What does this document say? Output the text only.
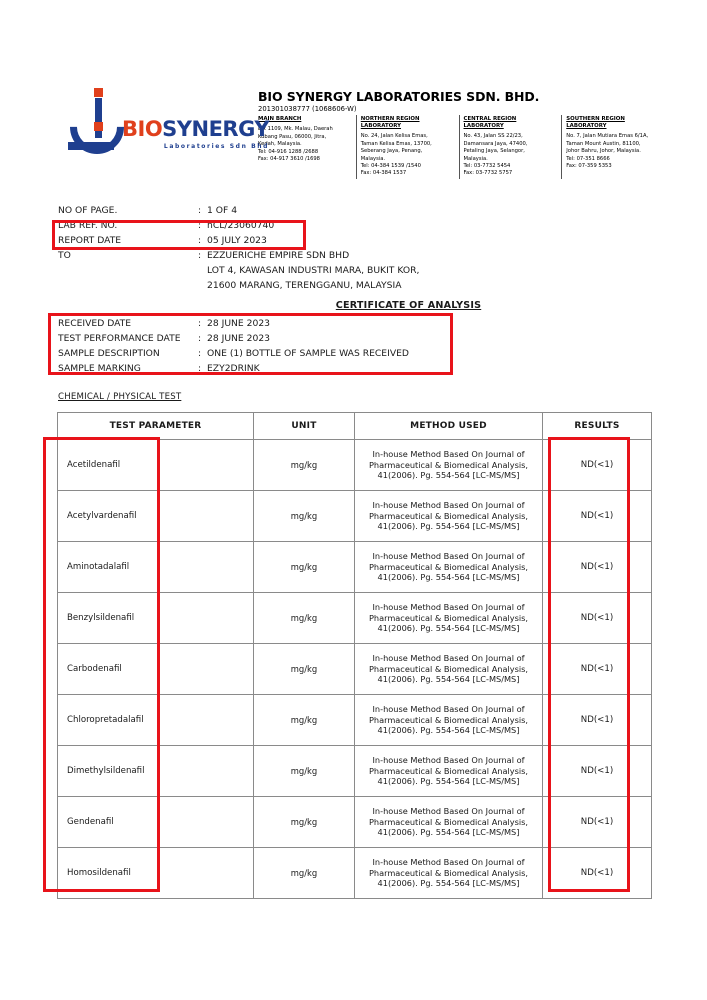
BIOSYNERGY
Laboratories Sdn Bhd
BIO SYNERGY LABORATORIES SDN. BHD.
201301038777 (1068606-W)
MAIN BRANCH
Lot 1109, Mk. Malau, Daerah
Kubang Pasu, 06000, Jitra,
Kedah, Malaysia.
Tel: 04-916 1288 /2688
Fax: 04-917 3610 /1698
NORTHERN REGION LABORATORY
No. 24, Jalan Kelisa Emas,
Taman Kelisa Emas, 13700,
Seberang Jaya, Penang,
Malaysia.
Tel: 04-384 1539 /1540
Fax: 04-384 1537
CENTRAL REGION LABORATORY
No. 43, Jalan SS 22/23,
Damansara Jaya, 47400,
Petaling Jaya, Selangor,
Malaysia.
Tel: 03-7732 5454
Fax: 03-7732 5757
SOUTHERN REGION LABORATORY
No. 7, Jalan Mutiara Emas 6/1A,
Taman Mount Austin, 81100,
Johor Bahru, Johor, Malaysia.
Tel: 07-351 8666
Fax: 07-359 5353
NO OF PAGE.	: 1 OF 4
LAB REF. NO.	: nCL/23060740
REPORT DATE	: 05 JULY 2023
TO	: EZZUERICHE EMPIRE SDN BHD
LOT 4, KAWASAN INDUSTRI MARA, BUKIT KOR,
21600 MARANG, TERENGGANU, MALAYSIA
CERTIFICATE OF ANALYSIS
RECEIVED DATE	: 28 JUNE 2023
TEST PERFORMANCE DATE	: 28 JUNE 2023
SAMPLE DESCRIPTION	: ONE (1) BOTTLE OF SAMPLE WAS RECEIVED
SAMPLE MARKING	: EZY2DRINK
CHEMICAL / PHYSICAL TEST
TEST PARAMETER	UNIT	METHOD USED	RESULTS
Acetildenafil	mg/kg	In-house Method Based On Journal of Pharmaceutical & Biomedical Analysis, 41(2006). Pg. 554-564 [LC-MS/MS]	ND(<1)
Acetylvardenafil	mg/kg	In-house Method Based On Journal of Pharmaceutical & Biomedical Analysis, 41(2006). Pg. 554-564 [LC-MS/MS]	ND(<1)
Aminotadalafil	mg/kg	In-house Method Based On Journal of Pharmaceutical & Biomedical Analysis, 41(2006). Pg. 554-564 [LC-MS/MS]	ND(<1)
Benzylsildenafil	mg/kg	In-house Method Based On Journal of Pharmaceutical & Biomedical Analysis, 41(2006). Pg. 554-564 [LC-MS/MS]	ND(<1)
Carbodenafil	mg/kg	In-house Method Based On Journal of Pharmaceutical & Biomedical Analysis, 41(2006). Pg. 554-564 [LC-MS/MS]	ND(<1)
Chloropretadalafil	mg/kg	In-house Method Based On Journal of Pharmaceutical & Biomedical Analysis, 41(2006). Pg. 554-564 [LC-MS/MS]	ND(<1)
Dimethylsildenafil	mg/kg	In-house Method Based On Journal of Pharmaceutical & Biomedical Analysis, 41(2006). Pg. 554-564 [LC-MS/MS]	ND(<1)
Gendenafil	mg/kg	In-house Method Based On Journal of Pharmaceutical & Biomedical Analysis, 41(2006). Pg. 554-564 [LC-MS/MS]	ND(<1)
Homosildenafil	mg/kg	In-house Method Based On Journal of Pharmaceutical & Biomedical Analysis, 41(2006). Pg. 554-564 [LC-MS/MS]	ND(<1)
